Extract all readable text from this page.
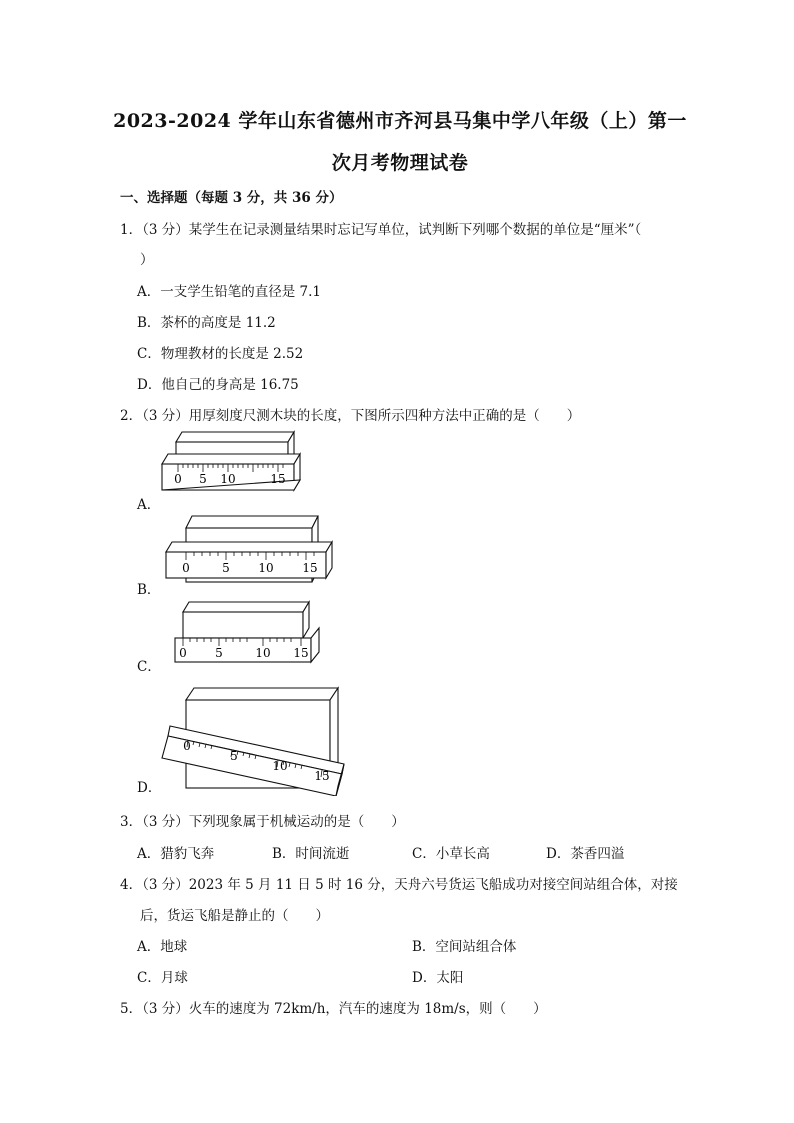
2023-2024 学年山东省德州市齐河县马集中学八年级（上）第一
次月考物理试卷
一、选择题（每题 3 分，共 36 分）
1．（3 分）某学生在记录测量结果时忘记写单位，试判断下列哪个数据的单位是“厘米”（
）
A．一支学生铅笔的直径是 7.1
B．茶杯的高度是 11.2
C．物理教材的长度是 2.52
D．他自己的身高是 16.75
2．（3 分）用厚刻度尺测木块的长度，下图所示四种方法中正确的是（　　）
A．
B．
C．
D．
0 5 10	15
0	5 10 15
0 5	10 15
0
5
10
15
3．（3 分）下列现象属于机械运动的是（　　）
A．猎豹飞奔	B．时间流逝	C．小草长高	D．茶香四溢
4．（3 分）2023 年 5 月 11 日 5 时 16 分，天舟六号货运飞船成功对接空间站组合体，对接
后，货运飞船是静止的（　　）
A．地球	B．空间站组合体
C．月球	D．太阳
5．（3 分）火车的速度为 72km/h，汽车的速度为 18m/s，则（　　）
